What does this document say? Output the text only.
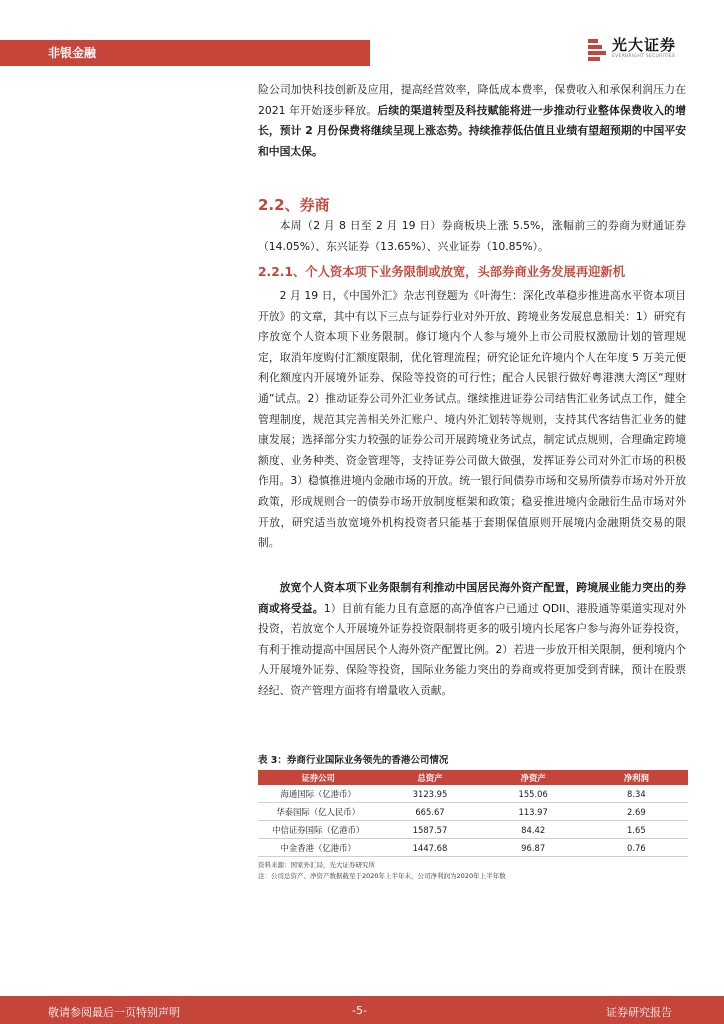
非银金融	光大证券
EVERBRIGHT SECURITIES

险公司加快科技创新及应用，提高经营效率，降低成本费率，保费收入和承保利润压力在 2021 年开始逐步释放。后续的渠道转型及科技赋能将进一步推动行业整体保费收入的增长，预计 2 月份保费将继续呈现上涨态势。持续推荐低估值且业绩有望超预期的中国平安和中国太保。

2.2、券商

本周（2 月 8 日至 2 月 19 日）券商板块上涨 5.5%，涨幅前三的券商为财通证券（14.05%）、东兴证券（13.65%）、兴业证券（10.85%）。

2.2.1、个人资本项下业务限制或放宽，头部券商业务发展再迎新机

2 月 19 日，《中国外汇》杂志刊登题为《叶海生：深化改革稳步推进高水平资本项目开放》的文章，其中有以下三点与证券行业对外开放、跨境业务发展息息相关：1）研究有序放宽个人资本项下业务限制。修订境内个人参与境外上市公司股权激励计划的管理规定，取消年度购付汇额度限制，优化管理流程；研究论证允许境内个人在年度 5 万美元便利化额度内开展境外证券、保险等投资的可行性；配合人民银行做好粤港澳大湾区“理财通”试点。2）推动证券公司外汇业务试点。继续推进证券公司结售汇业务试点工作，健全管理制度，规范其完善相关外汇账户、境内外汇划转等规则，支持其代客结售汇业务的健康发展；选择部分实力较强的证券公司开展跨境业务试点，制定试点规则，合理确定跨境额度、业务种类、资金管理等，支持证券公司做大做强，发挥证券公司对外汇市场的积极作用。3）稳慎推进境内金融市场的开放。统一银行间债券市场和交易所债券市场对外开放政策，形成规则合一的债券市场开放制度框架和政策；稳妥推进境内金融衍生品市场对外开放，研究适当放宽境外机构投资者只能基于套期保值原则开展境内金融期货交易的限制。

放宽个人资本项下业务限制有利推动中国居民海外资产配置，跨境展业能力突出的券商或将受益。1）目前有能力且有意愿的高净值客户已通过 QDII、港股通等渠道实现对外投资，若放宽个人开展境外证券投资限制将更多的吸引境内长尾客户参与海外证券投资，有利于推动提高中国居民个人海外资产配置比例。2）若进一步放开相关限制，便利境内个人开展境外证券、保险等投资，国际业务能力突出的券商或将更加受到青睐，预计在股票经纪、资产管理方面将有增量收入贡献。

表 3：券商行业国际业务领先的香港公司情况
证券公司	总资产	净资产	净利润
海通国际（亿港币）	3123.95	155.06	8.34
华泰国际（亿人民币）	665.67	113.97	2.69
中信证券国际（亿港币）	1587.57	84.42	1.65
中金香港（亿港币）	1447.68	96.87	0.76
资料来源：国家外汇局，光大证券研究所
注：公司总资产、净资产数据截至于2020年上半年末，公司净利润为2020年上半年数
敬请参阅最后一页特别声明	-5-	证券研究报告
